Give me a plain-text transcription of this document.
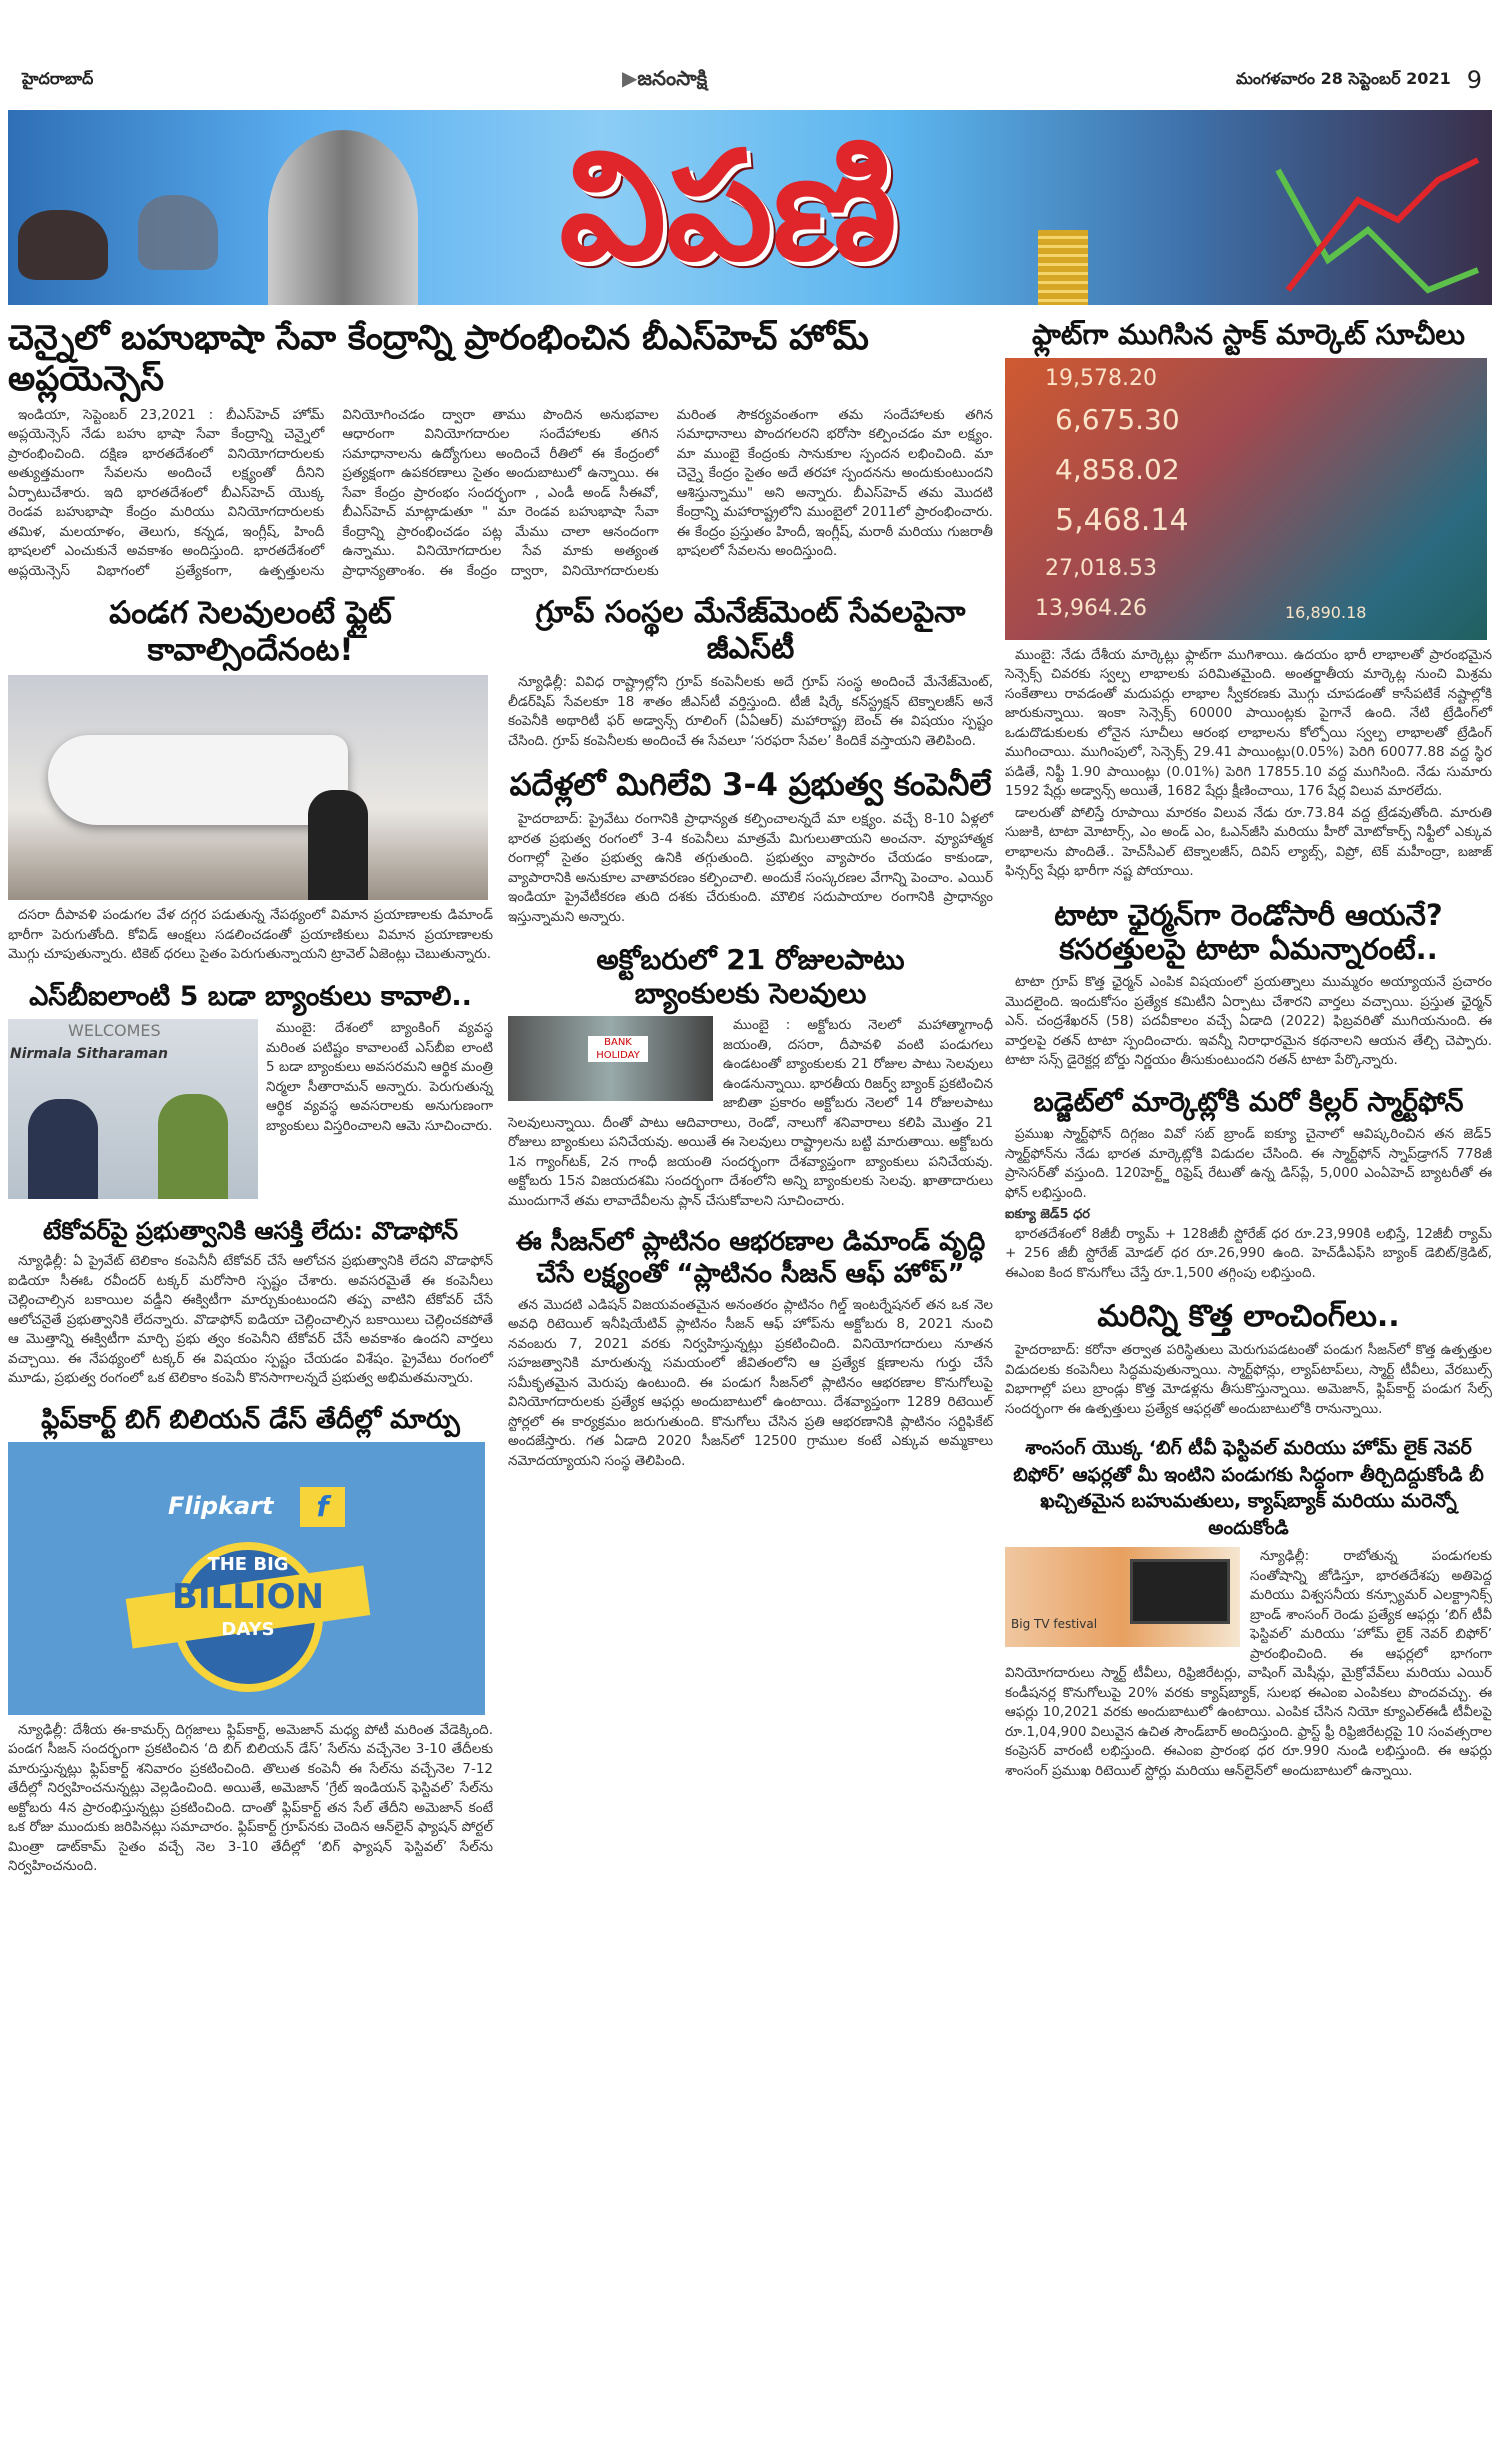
హైదరాబాద్	▶జనంసాక్షి	మంగళవారం 28 సెప్టెంబర్ 2021 9
విపణి
చెన్నైలో బహుభాషా సేవా కేంద్రాన్ని ప్రారంభించిన బీఎస్‌హెచ్ హోమ్ అప్లయెన్సెస్

ఇండియా, సెప్టెంబర్ 23,2021 : బీఎస్‌హెచ్ హోమ్ అప్లయెన్సెస్ నేడు బహు భాషా సేవా కేంద్రాన్ని చెన్నైలో ప్రారంభించింది. దక్షిణ భారతదేశంలో వినియోగదారులకు అత్యుత్తమంగా సేవలను అందించే లక్ష్యంతో దీనిని ఏర్పాటుచేశారు. ఇది భారతదేశంలో బీఎస్‌హెచ్ యొక్క రెండవ బహుభాషా కేంద్రం మరియు వినియోగదారులకు తమిళ, మలయాళం, తెలుగు, కన్నడ, ఇంగ్లీష్, హిందీ భాషలలో ఎంచుకునే అవకాశం అందిస్తుంది. భారతదేశంలో అప్లయెన్సెస్ విభాగంలో ప్రత్యేకంగా, ఉత్పత్తులను వినియోగించడం ద్వారా తాము పొందిన అనుభవాల ఆధారంగా వినియోగదారుల సందేహాలకు తగిన సమాధానాలను ఉద్యోగులు అందించే రీతిలో ఈ కేంద్రంలో ప్రత్యక్షంగా ఉపకరణాలు సైతం అందుబాటులో ఉన్నాయి. ఈ సేవా కేంద్రం ప్రారంభం సందర్భంగా , ఎండీ అండ్ సీఈవో, బీఎస్‌హెచ్ మాట్లాడుతూ " మా రెండవ బహుభాషా సేవా కేంద్రాన్ని ప్రారంభించడం పట్ల మేము చాలా ఆనందంగా ఉన్నాము. వినియోగదారుల సేవ మాకు అత్యంత ప్రాధాన్యతాంశం. ఈ కేంద్రం ద్వారా, వినియోగదారులకు మరింత సౌకర్యవంతంగా తమ సందేహాలకు తగిన సమాధానాలు పొందగలరని భరోసా కల్పించడం మా లక్ష్యం. మా ముంబై కేంద్రంకు సానుకూల స్పందన లభించింది. మా చెన్నై కేంద్రం సైతం అదే తరహా స్పందనను అందుకుంటుందని ఆశిస్తున్నాము" అని అన్నారు. బీఎస్‌హెచ్ తమ మొదటి కేంద్రాన్ని మహారాష్ట్రలోని ముంబైలో 2011లో ప్రారంభించారు. ఈ కేంద్రం ప్రస్తుతం హిందీ, ఇంగ్లీష్, మరాఠీ మరియు గుజరాతీ భాషలలో సేవలను అందిస్తుంది.

పండగ సెలవులంటే ఫ్లైట్ కావాల్సిందేనంట!

దసరా దీపావళి పండుగల వేళ దగ్గర పడుతున్న నేపథ్యంలో విమాన ప్రయాణాలకు డిమాండ్ భారీగా పెరుగుతోంది. కోవిడ్ ఆంక్షలు సడలించడంతో ప్రయాణికులు విమాన ప్రయాణాలకు మొగ్గు చూపుతున్నారు. టికెట్ ధరలు సైతం పెరుగుతున్నాయని ట్రావెల్ ఏజెంట్లు చెబుతున్నారు.

ఎస్‌బీఐలాంటి 5 బడా బ్యాంకులు కావాలి..
WELCOMES
Nirmala Sitharaman

ముంబై: దేశంలో బ్యాంకింగ్ వ్యవస్థ మరింత పటిష్టం కావాలంటే ఎస్‌బీఐ లాంటి 5 బడా బ్యాంకులు అవసరమని ఆర్థిక మంత్రి నిర్మలా సీతారామన్ అన్నారు. పెరుగుతున్న ఆర్థిక వ్యవస్థ అవసరాలకు అనుగుణంగా బ్యాంకులు విస్తరించాలని ఆమె సూచించారు.

టేకోవర్‌పై ప్రభుత్వానికి ఆసక్తి లేదు: వొడాఫోన్

న్యూఢిల్లీ: ఏ ప్రైవేట్ టెలికాం కంపెనీనీ టేకోవర్ చేసే ఆలోచన ప్రభుత్వానికి లేదని వొడాఫోన్ ఐడియా సీఈఓ రవీందర్ టక్కర్ మరోసారి స్పష్టం చేశారు. అవసరమైతే ఈ కంపెనీలు చెల్లించాల్సిన బకాయిల వడ్డీని ఈక్విటీగా మార్చుకుంటుందని తప్ప వాటిని టేకోవర్ చేసే ఆలోచనైతే ప్రభుత్వానికి లేదన్నారు. వొడాఫోన్ ఐడియా చెల్లించాల్సిన బకాయిలు చెల్లించకపోతే ఆ మొత్తాన్ని ఈక్విటీగా మార్చి ప్రభు త్వం కంపెనీని టేకోవర్ చేసే అవకాశం ఉందని వార్తలు వచ్చాయి. ఈ నేపథ్యంలో టక్కర్ ఈ విషయం స్పష్టం చేయడం విశేషం. ప్రైవేటు రంగంలో మూడు, ప్రభుత్వ రంగంలో ఒక టెలికాం కంపెనీ కొనసాగాలన్నదే ప్రభుత్వ అభిమతమన్నారు.

ఫ్లిప్‌కార్ట్ బిగ్ బిలియన్ డేస్ తేదీల్లో మార్పు
Flipkart	f
THE BIG
BILLION
DAYS

న్యూఢిల్లీ: దేశీయ ఈ-కామర్స్ దిగ్గజాలు ఫ్లిప్‌కార్ట్, అమెజాన్ మధ్య పోటీ మరింత వేడెక్కింది. పండగ సీజన్ సందర్భంగా ప్రకటించిన ‘ది బిగ్ బిలియన్ డేస్’ సేల్‌ను వచ్చేనెల 3-10 తేదీలకు మారుస్తున్నట్లు ఫ్లిప్‌కార్ట్ శనివారం ప్రకటించింది. తొలుత కంపెనీ ఈ సేల్‌ను వచ్చేనెల 7-12 తేదీల్లో నిర్వహించనున్నట్లు వెల్లడించింది. అయితే, అమెజాన్ ‘గ్రేట్ ఇండియన్ ఫెస్టివల్’ సేల్‌ను అక్టోబరు 4న ప్రారంభిస్తున్నట్లు ప్రకటించింది. దాంతో ఫ్లిప్‌కార్ట్ తన సేల్ తేదీని అమెజాన్ కంటే ఒక రోజు ముందుకు జరిపినట్లు సమాచారం. ఫ్లిప్‌కార్ట్ గ్రూప్‌నకు చెందిన ఆన్‌లైన్ ఫ్యాషన్ పోర్టల్ మింత్రా డాట్‌కామ్ సైతం వచ్చే నెల 3-10 తేదీల్లో ‘బిగ్ ఫ్యాషన్ ఫెస్టివల్’ సేల్‌ను నిర్వహించనుంది.

గ్రూప్ సంస్థల మేనేజ్‌మెంట్ సేవలపైనా జీఎస్‌టీ

న్యూఢిల్లీ: వివిధ రాష్ట్రాల్లోని గ్రూప్ కంపెనీలకు అదే గ్రూప్ సంస్థ అందించే మేనేజ్‌మెంట్, లీడర్‌షిప్ సేవలకూ 18 శాతం జీఎస్‌టీ వర్తిస్తుంది. టీజీ షిర్కే కన్‌స్ట్రక్షన్ టెక్నాలజీస్ అనే కంపెనీకి అథారిటీ ఫర్ అడ్వాన్స్ రూలింగ్ (ఏఏఆర్) మహారాష్ట్ర బెంచ్ ఈ విషయం స్పష్టం చేసింది. గ్రూప్ కంపెనీలకు అందించే ఈ సేవలూ ‘సరఫరా సేవల’ కిందికే వస్తాయని తెలిపింది.

పదేళ్లలో మిగిలేవి 3-4 ప్రభుత్వ కంపెనీలే

హైదరాబాద్: ప్రైవేటు రంగానికి ప్రాధాన్యత కల్పించాలన్నదే మా లక్ష్యం. వచ్చే 8-10 ఏళ్లలో భారత ప్రభుత్వ రంగంలో 3-4 కంపెనీలు మాత్రమే మిగులుతాయని అంచనా. వ్యూహాత్మక రంగాల్లో సైతం ప్రభుత్వ ఉనికి తగ్గుతుంది. ప్రభుత్వం వ్యాపారం చేయడం కాకుండా, వ్యాపారానికి అనుకూల వాతావరణం కల్పించాలి. అందుకే సంస్కరణల వేగాన్ని పెంచాం. ఎయిర్ ఇండియా ప్రైవేటీకరణ తుది దశకు చేరుకుంది. మౌలిక సదుపాయాల రంగానికి ప్రాధాన్యం ఇస్తున్నామని అన్నారు.

అక్టోబరులో 21 రోజులపాటు
బ్యాంకులకు సెలవులు
BANK HOLIDAY

ముంబై : అక్టోబరు నెలలో మహాత్మాగాంధీ జయంతి, దసరా, దీపావళి వంటి పండుగలు ఉండటంతో బ్యాంకులకు 21 రోజుల పాటు సెలవులు ఉండనున్నాయి. భారతీయ రిజర్వ్ బ్యాంక్ ప్రకటించిన జాబితా ప్రకారం అక్టోబరు నెలలో 14 రోజులపాటు సెలవులున్నాయి. దీంతో పాటు ఆదివారాలు, రెండో, నాలుగో శనివారాలు కలిపి మొత్తం 21 రోజులు బ్యాంకులు పనిచేయవు. అయితే ఈ సెలవులు రాష్ట్రాలను బట్టి మారుతాయి. అక్టోబరు 1న గ్యాంగ్‌టక్‌, 2న గాంధీ జయంతి సందర్భంగా దేశవ్యాప్తంగా బ్యాంకులు పనిచేయవు. అక్టోబరు 15న విజయదశమి సందర్భంగా దేశంలోని అన్ని బ్యాంకులకు సెలవు. ఖాతాదారులు ముందుగానే తమ లావాదేవీలను ప్లాన్ చేసుకోవాలని సూచించారు.

ఈ సీజన్‌లో ప్లాటినం ఆభరణాల డిమాండ్ వృద్ధి
చేసే లక్ష్యంతో “ప్లాటినం సీజన్ ఆఫ్ హోప్”

తన మొదటి ఎడిషన్ విజయవంతమైన అనంతరం ప్లాటినం గిల్డ్ ఇంటర్నేషనల్ తన ఒక నెల అవధి రిటెయిల్ ఇనీషియేటివ్ ప్లాటినం సీజన్ ఆఫ్ హోప్‌ను అక్టోబరు 8, 2021 నుంచి నవంబరు 7, 2021 వరకు నిర్వహిస్తున్నట్లు ప్రకటించింది. వినియోగదారులు నూతన సహజత్వానికి మారుతున్న సమయంలో జీవితంలోని ఆ ప్రత్యేక క్షణాలను గుర్తు చేసే సమీకృతమైన మెరుపు ఉంటుంది. ఈ పండుగ సీజన్‌లో ప్లాటినం ఆభరణాల కొనుగోలుపై వినియోగదారులకు ప్రత్యేక ఆఫర్లు అందుబాటులో ఉంటాయి. దేశవ్యాప్తంగా 1289 రిటెయిల్ స్టోర్లలో ఈ కార్యక్రమం జరుగుతుంది. కొనుగోలు చేసిన ప్రతి ఆభరణానికి ప్లాటినం సర్టిఫికేట్ అందజేస్తారు. గత ఏడాది 2020 సీజన్‌లో 12500 గ్రాముల కంటే ఎక్కువ అమ్మకాలు నమోదయ్యాయని సంస్థ తెలిపింది.

ఫ్లాట్‌గా ముగిసిన స్టాక్ మార్కెట్ సూచీలు
19,578.20
6,675.30
4,858.02
5,468.14
27,018.53
13,964.26	16,890.18

ముంబై: నేడు దేశీయ మార్కెట్లు ఫ్లాట్‌గా ముగిశాయి. ఉదయం భారీ లాభాలతో ప్రారంభమైన సెన్సెక్స్ చివరకు స్వల్ప లాభాలకు పరిమితమైంది. అంతర్జాతీయ మార్కెట్ల నుంచి మిశ్రమ సంకేతాలు రావడంతో మదుపర్లు లాభాల స్వీకరణకు మొగ్గు చూపడంతో కాసేపటికే నష్టాల్లోకి జారుకున్నాయి. ఇంకా సెన్సెక్స్ 60000 పాయింట్లకు పైగానే ఉంది. నేటి ట్రేడింగ్‌లో ఒడుదొడుకులకు లోనైన సూచీలు ఆరంభ లాభాలను కోల్పోయి స్వల్ప లాభాలతో ట్రేడింగ్ ముగించాయి. ముగింపులో, సెన్సెక్స్ 29.41 పాయింట్లు(0.05%) పెరిగి 60077.88 వద్ద స్థిర పడితే, నిఫ్టీ 1.90 పాయింట్లు (0.01%) పెరిగి 17855.10 వద్ద ముగిసింది. నేడు సుమారు 1592 షేర్లు అడ్వాన్స్ అయితే, 1682 షేర్లు క్షీణించాయి, 176 షేర్ల విలువ మారలేదు.

డాలరుతో పోలిస్తే రూపాయి మారకం విలువ నేడు రూ.73.84 వద్ద ట్రేడవుతోంది. మారుతి సుజుకి, టాటా మోటార్స్, ఎం అండ్ ఎం, ఓఎన్‌జీసి మరియు హీరో మోటోకార్ప్ నిఫ్టీలో ఎక్కువ లాభాలను పొందితే.. హెచ్‌సీఎల్ టెక్నాలజీస్, దివిస్ ల్యాబ్స్, విప్రో, టెక్ మహీంద్రా, బజాజ్ ఫిన్సర్వ్ షేర్లు భారీగా నష్ట పోయాయి.

టాటా ఛైర్మన్‌గా రెండోసారీ ఆయనే?
కసరత్తులపై టాటా ఏమన్నారంటే..

టాటా గ్రూప్ కొత్త ఛైర్మన్ ఎంపిక విషయంలో ప్రయత్నాలు ముమ్మరం అయ్యాయనే ప్రచారం మొదలైంది. ఇందుకోసం ప్రత్యేక కమిటీని ఏర్పాటు చేశారని వార్తలు వచ్చాయి. ప్రస్తుత ఛైర్మన్ ఎన్. చంద్రశేఖరన్ (58) పదవీకాలం వచ్చే ఏడాది (2022) ఫిబ్రవరితో ముగియనుంది. ఈ వార్తలపై రతన్ టాటా స్పందించారు. ఇవన్నీ నిరాధారమైన కథనాలని ఆయన తేల్చి చెప్పారు. టాటా సన్స్ డైరెక్టర్ల బోర్డు నిర్ణయం తీసుకుంటుందని రతన్ టాటా పేర్కొన్నారు.

బడ్జెట్‌లో మార్కెట్లోకి మరో కిల్లర్ స్మార్ట్‌ఫోన్

ప్రముఖ స్మార్ట్‌ఫోన్ దిగ్గజం వివో సబ్ బ్రాండ్ ఐక్యూ చైనాలో ఆవిష్కరించిన తన జెడ్5 స్మార్ట్‌ఫోన్‌ను నేడు భారత మార్కెట్లోకి విడుదల చేసింది. ఈ స్మార్ట్‌ఫోన్ స్నాప్‌డ్రాగన్ 778జీ ప్రాసెసర్‌తో వస్తుంది. 120హెర్ట్జ్ రిఫ్రెష్ రేటుతో ఉన్న డిస్‌ప్లే, 5,000 ఎంఏహెచ్ బ్యాటరీతో ఈ ఫోన్ లభిస్తుంది.

ఐక్యూ జెడ్5 ధర

భారతదేశంలో 8జీబీ ర్యామ్ + 128జీబీ స్టోరేజ్ ధర రూ.23,990కి లభిస్తే, 12జీబీ ర్యామ్ + 256 జీబీ స్టోరేజ్ మోడల్ ధర రూ.26,990 ఉంది. హెచ్‌డీఎఫ్‌సి బ్యాంక్ డెబిట్/క్రెడిట్, ఈఎంఐ కింద కొనుగోలు చేస్తే రూ.1,500 తగ్గింపు లభిస్తుంది.

మరిన్ని కొత్త లాంచింగ్‌లు..

హైదరాబాద్: కరోనా తర్వాత పరిస్థితులు మెరుగుపడటంతో పండుగ సీజన్‌లో కొత్త ఉత్పత్తుల విడుదలకు కంపెనీలు సిద్ధమవుతున్నాయి. స్మార్ట్‌ఫోన్లు, ల్యాప్‌టాప్‌లు, స్మార్ట్ టీవీలు, వేరబుల్స్ విభాగాల్లో పలు బ్రాండ్లు కొత్త మోడళ్లను తీసుకొస్తున్నాయి. అమెజాన్, ఫ్లిప్‌కార్ట్ పండుగ సేల్స్ సందర్భంగా ఈ ఉత్పత్తులు ప్రత్యేక ఆఫర్లతో అందుబాటులోకి రానున్నాయి.

శాంసంగ్ యొక్క ‘బిగ్ టీవీ ఫెస్టివల్ మరియు హోమ్ లైక్ నెవర్ బిఫోర్’ ఆఫర్లతో మీ ఇంటిని పండుగకు సిద్ధంగా తీర్చిదిద్దుకోండి బీ ఖచ్చితమైన బహుమతులు, క్యాష్‌బ్యాక్ మరియు మరెన్నో అందుకోండి
Big TV festival

న్యూఢిల్లీ: రాబోతున్న పండుగలకు సంతోషాన్ని జోడిస్తూ, భారతదేశపు అతిపెద్ద మరియు విశ్వసనీయ కన్స్యూమర్ ఎలక్ట్రానిక్స్ బ్రాండ్ శాంసంగ్ రెండు ప్రత్యేక ఆఫర్లు ‘బిగ్ టీవీ ఫెస్టివల్’ మరియు ‘హోమ్ లైక్ నెవర్ బిఫోర్’ ప్రారంభించింది. ఈ ఆఫర్లలో భాగంగా వినియోగదారులు స్మార్ట్ టీవీలు, రిఫ్రిజిరేటర్లు, వాషింగ్ మెషీన్లు, మైక్రోవేవ్‌లు మరియు ఎయిర్ కండీషనర్ల కొనుగోలుపై 20% వరకు క్యాష్‌బ్యాక్, సులభ ఈఎంఐ ఎంపికలు పొందవచ్చు. ఈ ఆఫర్లు 10,2021 వరకు అందుబాటులో ఉంటాయి. ఎంపిక చేసిన నియో క్యూఎల్ఈడీ టీవీలపై రూ.1,04,900 విలువైన ఉచిత సౌండ్‌బార్ అందిస్తుంది. ఫ్రాస్ట్ ఫ్రీ రిఫ్రిజిరేటర్లపై 10 సంవత్సరాల కంప్రెసర్ వారంటీ లభిస్తుంది. ఈఎంఐ ప్రారంభ ధర రూ.990 నుండి లభిస్తుంది. ఈ ఆఫర్లు శాంసంగ్ ప్రముఖ రిటెయిల్ స్టోర్లు మరియు ఆన్‌లైన్‌లో అందుబాటులో ఉన్నాయి.
